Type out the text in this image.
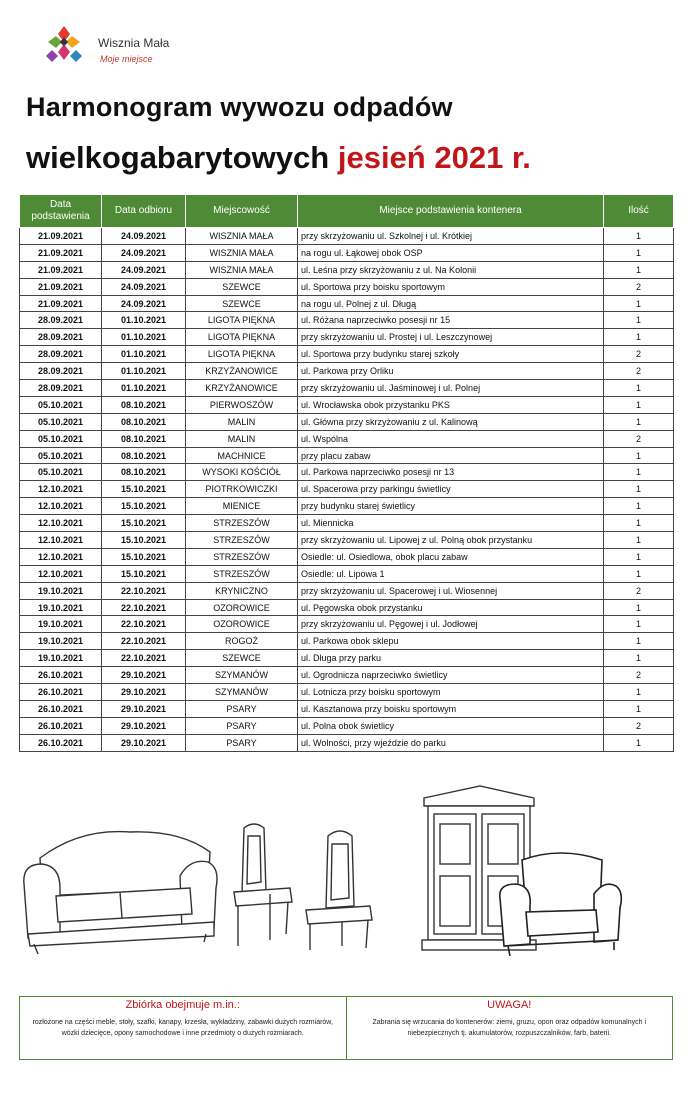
Wisznia Mała
Moje miejsce
Harmonogram wywozu odpadów
wielkogabarytowych jesień 2021 r.
Data podstawienia	Data odbioru	Miejscowość	Miejsce podstawienia kontenera	Ilość
21.09.2021	24.09.2021	WISZNIA MAŁA	przy skrzyżowaniu ul. Szkolnej i ul. Krótkiej	1
21.09.2021	24.09.2021	WISZNIA MAŁA	na rogu ul. Łąkowej obok OSP	1
21.09.2021	24.09.2021	WISZNIA MAŁA	ul. Leśna przy skrzyżowaniu z ul. Na Kolonii	1
21.09.2021	24.09.2021	SZEWCE	ul. Sportowa przy boisku sportowym	2
21.09.2021	24.09.2021	SZEWCE	na rogu ul. Polnej z ul. Długą	1
28.09.2021	01.10.2021	LIGOTA PIĘKNA	ul. Różana naprzeciwko posesji nr 15	1
28.09.2021	01.10.2021	LIGOTA PIĘKNA	przy skrzyżowaniu ul. Prostej i ul. Leszczynowej	1
28.09.2021	01.10.2021	LIGOTA PIĘKNA	ul. Sportowa przy budynku starej szkoły	2
28.09.2021	01.10.2021	KRZYŻANOWICE	ul. Parkowa przy Orliku	2
28.09.2021	01.10.2021	KRZYŻANOWICE	przy skrzyżowaniu ul. Jaśminowej i ul. Polnej	1
05.10.2021	08.10.2021	PIERWOSZÓW	ul. Wrocławska obok przystanku PKS	1
05.10.2021	08.10.2021	MALIN	ul. Główna przy skrzyżowaniu z ul. Kalinową	1
05.10.2021	08.10.2021	MALIN	ul. Wspólna	2
05.10.2021	08.10.2021	MACHNICE	przy placu zabaw	1
05.10.2021	08.10.2021	WYSOKI KOŚCIÓŁ	ul. Parkowa naprzeciwko posesji nr 13	1
12.10.2021	15.10.2021	PIOTRKOWICZKI	ul. Spacerowa przy parkingu świetlicy	1
12.10.2021	15.10.2021	MIENICE	przy budynku starej świetlicy	1
12.10.2021	15.10.2021	STRZESZÓW	ul. Miennicka	1
12.10.2021	15.10.2021	STRZESZÓW	przy skrzyżowaniu ul. Lipowej z ul. Polną obok przystanku	1
12.10.2021	15.10.2021	STRZESZÓW	Osiedle: ul. Osiedlowa, obok placu zabaw	1
12.10.2021	15.10.2021	STRZESZÓW	Osiedle: ul. Lipowa 1	1
19.10.2021	22.10.2021	KRYNICZNO	przy skrzyżowaniu ul. Spacerowej i ul. Wiosennej	2
19.10.2021	22.10.2021	OZOROWICE	ul. Pęgowska obok przystanku	1
19.10.2021	22.10.2021	OZOROWICE	przy skrzyżowaniu ul. Pęgowej i ul. Jodłowej	1
19.10.2021	22.10.2021	ROGOŻ	ul. Parkowa obok sklepu	1
19.10.2021	22.10.2021	SZEWCE	ul. Długa przy parku	1
26.10.2021	29.10.2021	SZYMANÓW	ul. Ogrodnicza naprzeciwko świetlicy	2
26.10.2021	29.10.2021	SZYMANÓW	ul. Lotnicza przy boisku sportowym	1
26.10.2021	29.10.2021	PSARY	ul. Kasztanowa przy boisku sportowym	1
26.10.2021	29.10.2021	PSARY	ul. Polna obok świetlicy	2
26.10.2021	29.10.2021	PSARY	ul. Wolności, przy wjeździe do parku	1
Zbiórka obejmuje m.in.:
rozłożone na części meble, stoły, szafki, kanapy, krzesła, wykładziny, zabawki dużych rozmiarów, wózki dziecięce, opony samochodowe i inne przedmioty o dużych rozmiarach.
UWAGA!
Zabrania się wrzucania do kontenerów: ziemi, gruzu, opon oraz odpadów komunalnych i niebezpiecznych tj. akumulatorów, rozpuszczalników, farb, baterii.
